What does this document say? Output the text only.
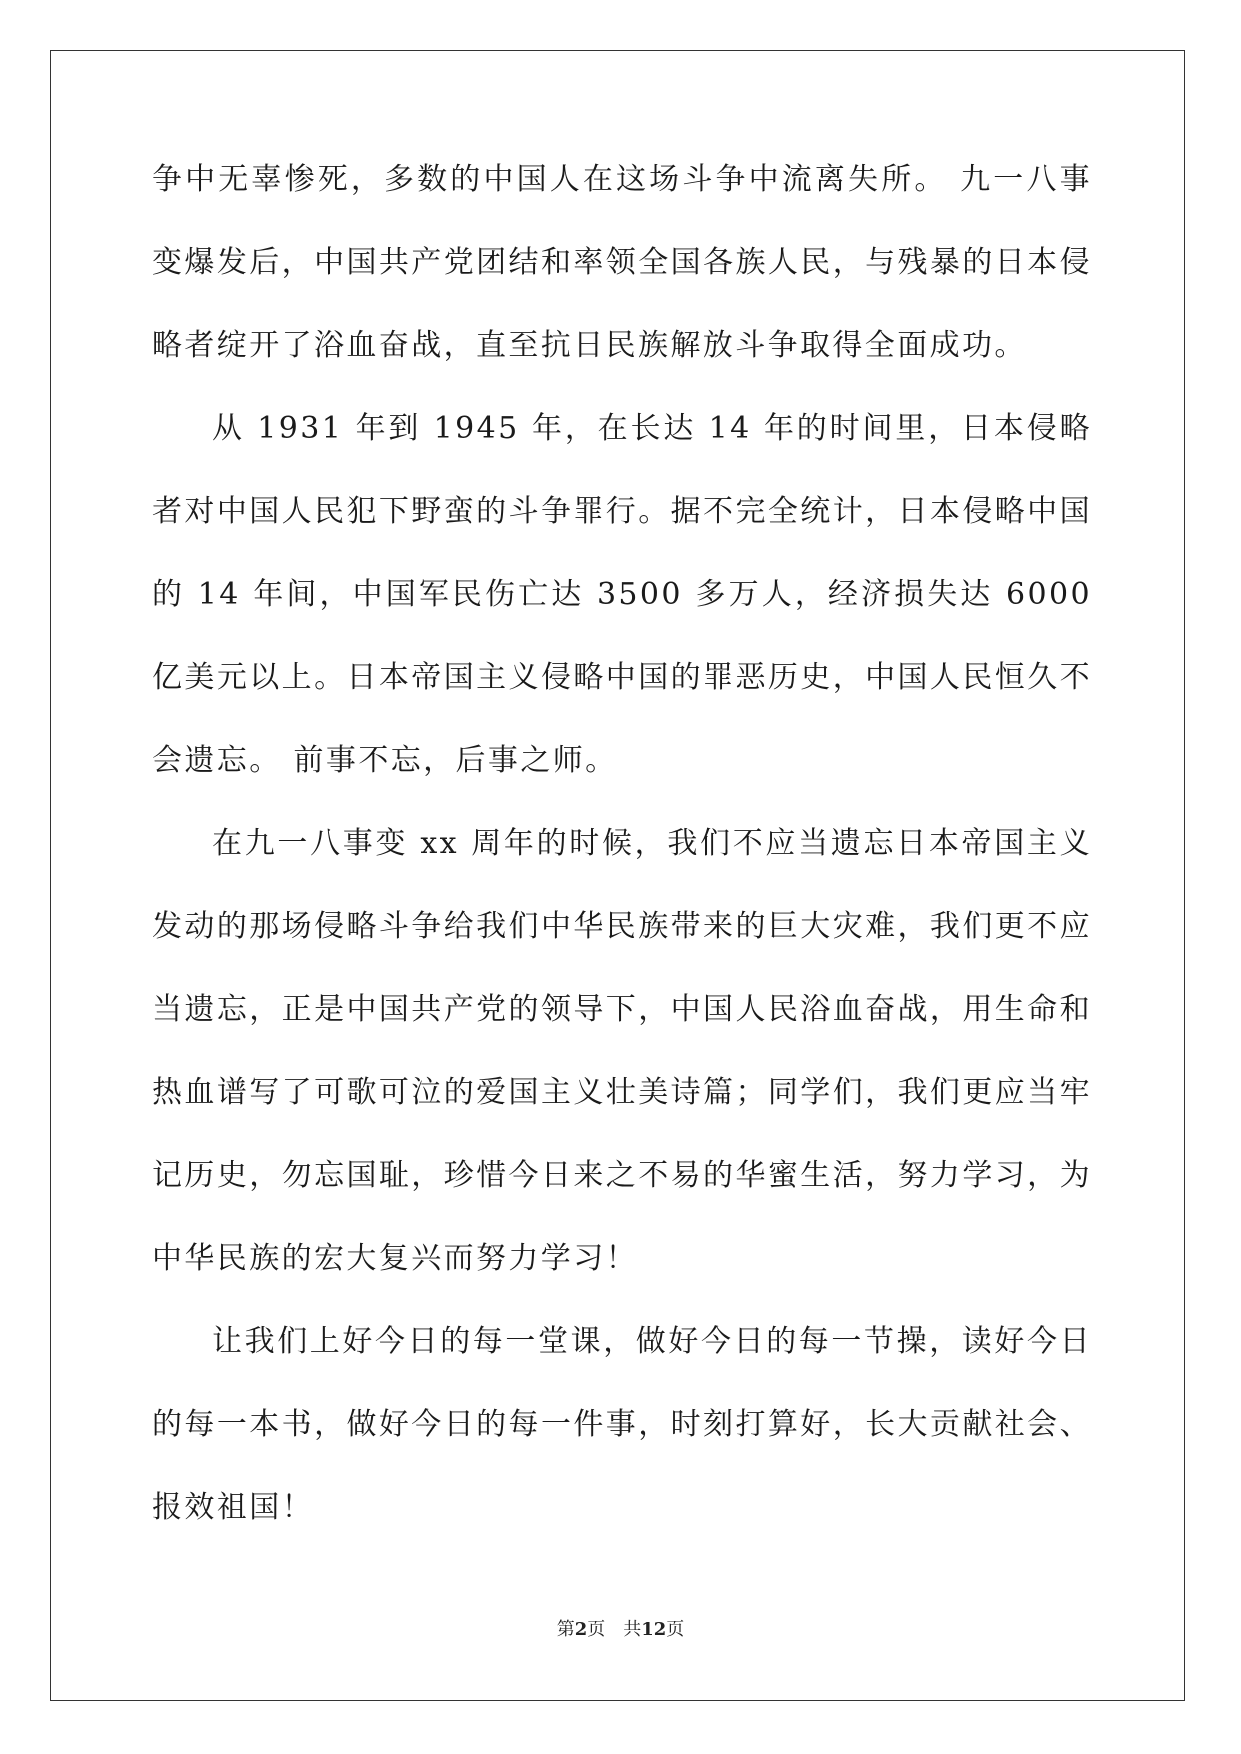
争中无辜惨死，多数的中国人在这场斗争中流离失所。 九一八事变爆发后，中国共产党团结和率领全国各族人民，与残暴的日本侵略者绽开了浴血奋战，直至抗日民族解放斗争取得全面成功。

从 1931 年到 1945 年，在长达 14 年的时间里，日本侵略者对中国人民犯下野蛮的斗争罪行。据不完全统计，日本侵略中国的 14 年间，中国军民伤亡达 3500 多万人，经济损失达 6000 亿美元以上。日本帝国主义侵略中国的罪恶历史，中国人民恒久不会遗忘。 前事不忘，后事之师。

在九一八事变 xx 周年的时候，我们不应当遗忘日本帝国主义发动的那场侵略斗争给我们中华民族带来的巨大灾难，我们更不应当遗忘，正是中国共产党的领导下，中国人民浴血奋战，用生命和热血谱写了可歌可泣的爱国主义壮美诗篇；同学们，我们更应当牢记历史，勿忘国耻，珍惜今日来之不易的华蜜生活，努力学习，为中华民族的宏大复兴而努力学习！

让我们上好今日的每一堂课，做好今日的每一节操，读好今日的每一本书，做好今日的每一件事，时刻打算好，长大贡献社会、报效祖国！

第2页 共12页
